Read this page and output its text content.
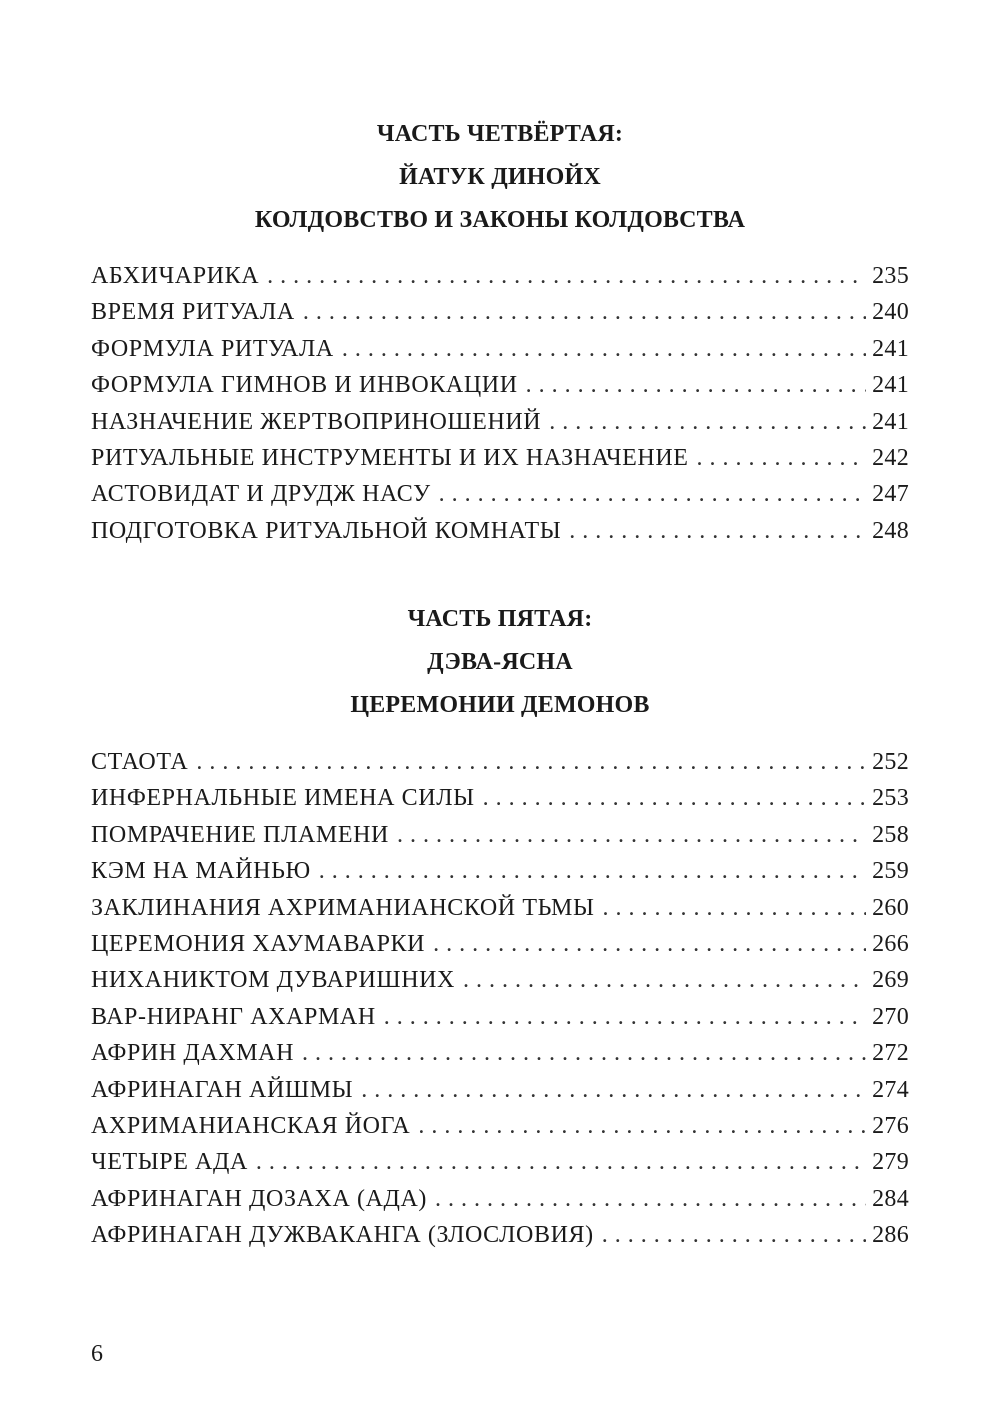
ЧАСТЬ ЧЕТВЁРТАЯ:
ЙАТУК ДИНОЙХ
КОЛДОВСТВО И ЗАКОНЫ КОЛДОВСТВА
АБХИЧАРИКА . . .	235
ВРЕМЯ РИТУАЛА . . .	240
ФОРМУЛА РИТУАЛА . . .	241
ФОРМУЛА ГИМНОВ И ИНВОКАЦИИ . . .	241
НАЗНАЧЕНИЕ ЖЕРТВОПРИНОШЕНИЙ . . .	241
РИТУАЛЬНЫЕ ИНСТРУМЕНТЫ И ИХ НАЗНАЧЕНИЕ . . .	242
АСТОВИДАТ И ДРУДЖ НАСУ . . .	247
ПОДГОТОВКА РИТУАЛЬНОЙ КОМНАТЫ . . .	248
ЧАСТЬ ПЯТАЯ:
ДЭВА-ЯСНА
ЦЕРЕМОНИИ ДЕМОНОВ
СТАОТА . . .	252
ИНФЕРНАЛЬНЫЕ ИМЕНА СИЛЫ . . .	253
ПОМРАЧЕНИЕ ПЛАМЕНИ . . .	258
КЭМ НА МАЙНЬЮ . . .	259
ЗАКЛИНАНИЯ АХРИМАНИАНСКОЙ ТЬМЫ . . .	260
ЦЕРЕМОНИЯ ХАУМАВАРКИ . . .	266
НИХАНИКТОМ ДУВАРИШНИХ . . .	269
ВАР-НИРАНГ АХАРМАН . . .	270
АФРИН ДАХМАН . . .	272
АФРИНАГАН АЙШМЫ . . .	274
АХРИМАНИАНСКАЯ ЙОГА . . .	276
ЧЕТЫРЕ АДА . . .	279
АФРИНАГАН ДОЗАХА (АДА) . . .	284
АФРИНАГАН ДУЖВАКАНГА (ЗЛОСЛОВИЯ) . . .	286
6
